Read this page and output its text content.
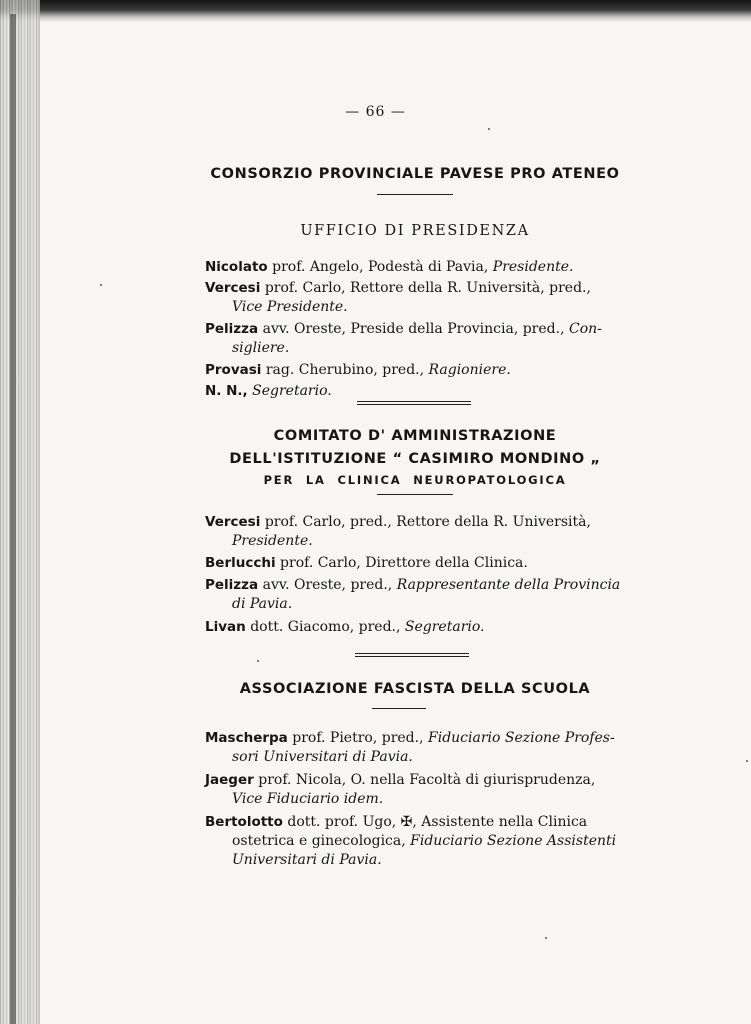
— 66 —
CONSORZIO PROVINCIALE PAVESE PRO ATENEO
UFFICIO DI PRESIDENZA
Nicolato prof. Angelo, Podestà di Pavia, Presidente.
Vercesi prof. Carlo, Rettore della R. Università, pred.,
Vice Presidente.
Pelizza avv. Oreste, Preside della Provincia, pred., Con-
sigliere.
Provasi rag. Cherubino, pred., Ragioniere.
N. N., Segretario.
COMITATO D' AMMINISTRAZIONE
DELL'ISTITUZIONE “ CASIMIRO MONDINO „
PER LA CLINICA NEUROPATOLOGICA
Vercesi prof. Carlo, pred., Rettore della R. Università,
Presidente.
Berlucchi prof. Carlo, Direttore della Clinica.
Pelizza avv. Oreste, pred., Rappresentante della Provincia
di Pavia.
Livan dott. Giacomo, pred., Segretario.
ASSOCIAZIONE FASCISTA DELLA SCUOLA
Mascherpa prof. Pietro, pred., Fiduciario Sezione Profes-
sori Universitari di Pavia.
Jaeger prof. Nicola, O. nella Facoltà di giurisprudenza,
Vice Fiduciario idem.
Bertolotto dott. prof. Ugo, ✠, Assistente nella Clinica
ostetrica e ginecologica, Fiduciario Sezione Assistenti
Universitari di Pavia.
